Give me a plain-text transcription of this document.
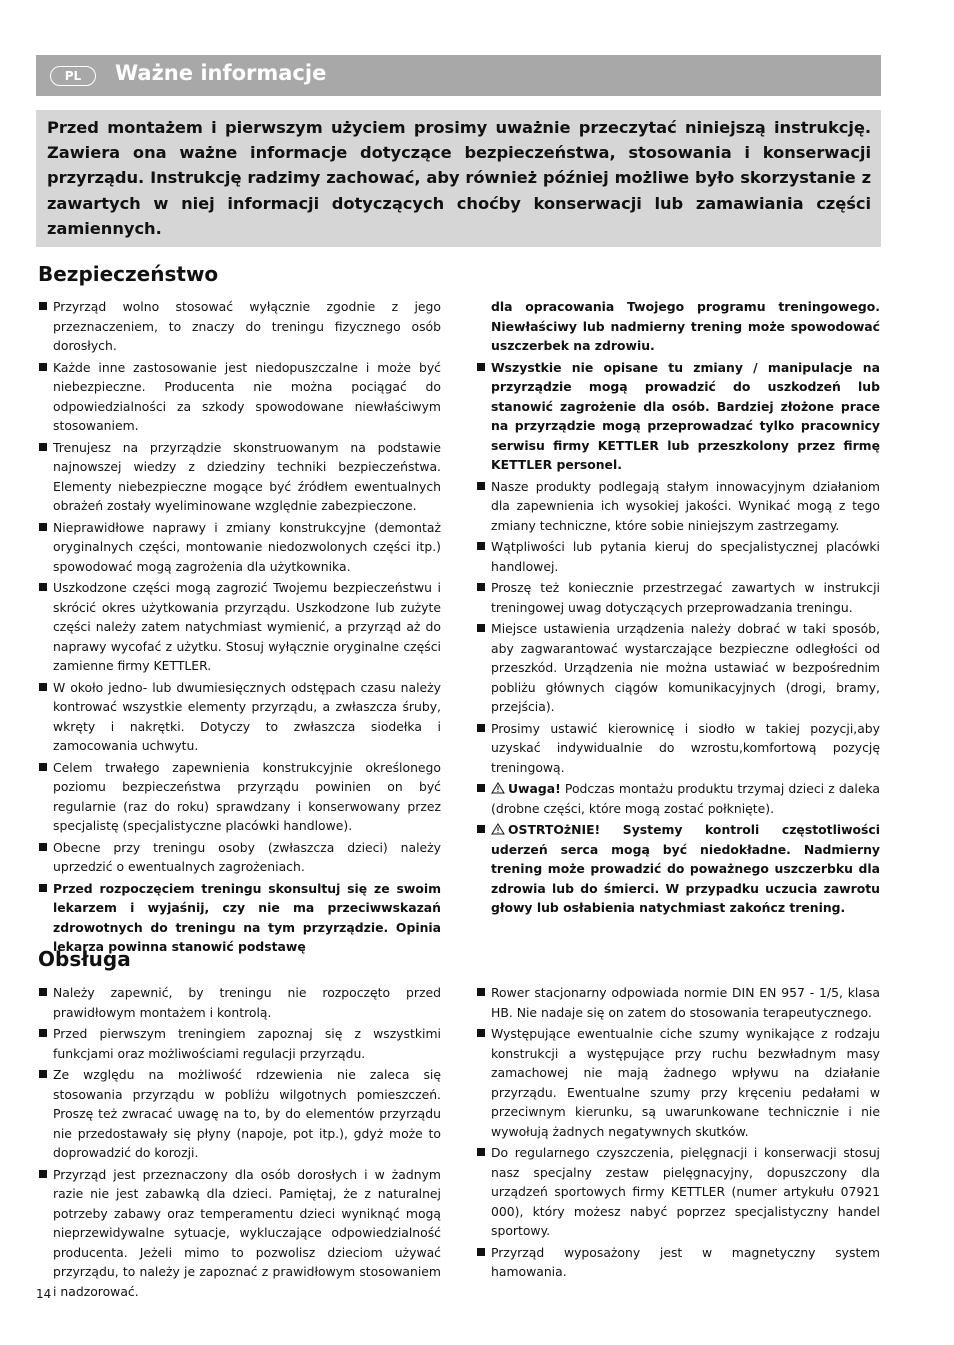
PL	Ważne informacje

Przed montażem i pierwszym użyciem prosimy uważnie przeczytać niniejszą instrukcję. Zawiera ona ważne informacje dotyczące bezpieczeństwa, stosowania i konserwacji przyrządu. Instrukcję radzimy zachować, aby również później możliwe było skorzystanie z zawartych w niej informacji dotyczących choćby konserwacji lub zamawiania części zamiennych.

Bezpieczeństwo
Przyrząd wolno stosować wyłącznie zgodnie z jego przeznaczeniem, to znaczy do treningu fizycznego osób dorosłych.
Każde inne zastosowanie jest niedopuszczalne i może być niebezpieczne. Producenta nie można pociągać do odpowiedzialności za szkody spowodowane niewłaściwym stosowaniem.
Trenujesz na przyrządzie skonstruowanym na podstawie najnowszej wiedzy z dziedziny techniki bezpieczeństwa. Elementy niebezpieczne mogące być źródłem ewentualnych obrażeń zostały wyeliminowane względnie zabezpieczone.
Nieprawidłowe naprawy i zmiany konstrukcyjne (demontaż oryginalnych części, montowanie niedozwolonych części itp.) spowodować mogą zagrożenia dla użytkownika.
Uszkodzone części mogą zagrozić Twojemu bezpieczeństwu i skrócić okres użytkowania przyrządu. Uszkodzone lub zużyte części należy zatem natychmiast wymienić, a przyrząd aż do naprawy wycofać z użytku. Stosuj wyłącznie oryginalne części zamienne firmy KETTLER.
W około jedno- lub dwumiesięcznych odstępach czasu należy kontrować wszystkie elementy przyrządu, a zwłaszcza śruby, wkręty i nakrętki. Dotyczy to zwłaszcza siodełka i zamocowania uchwytu.
Celem trwałego zapewnienia konstrukcyjnie określonego poziomu bezpieczeństwa przyrządu powinien on być regularnie (raz do roku) sprawdzany i konserwowany przez specjalistę (specjalistyczne placówki handlowe).
Obecne przy treningu osoby (zwłaszcza dzieci) należy uprzedzić o ewentualnych zagrożeniach.
Przed rozpoczęciem treningu skonsultuj się ze swoim lekarzem i wyjaśnij, czy nie ma przeciwwskazań zdrowotnych do treningu na tym przyrządzie. Opinia lekarza powinna stanowić podstawę
dla opracowania Twojego programu treningowego. Niewłaściwy lub nadmierny trening może spowodować uszczerbek na zdrowiu.
Wszystkie nie opisane tu zmiany / manipulacje na przyrządzie mogą prowadzić do uszkodzeń lub stanowić zagrożenie dla osób. Bardziej złożone prace na przyrządzie mogą przeprowadzać tylko pracownicy serwisu firmy KETTLER lub przeszkolony przez firmę KETTLER personel.
Nasze produkty podlegają stałym innowacyjnym działaniom dla zapewnienia ich wysokiej jakości. Wynikać mogą z tego zmiany techniczne, które sobie niniejszym zastrzegamy.
Wątpliwości lub pytania kieruj do specjalistycznej placówki handlowej.
Proszę też koniecznie przestrzegać zawartych w instrukcji treningowej uwag dotyczących przeprowadzania treningu.
Miejsce ustawienia urządzenia należy dobrać w taki sposób, aby zagwarantować wystarczające bezpieczne odległości od przeszkód. Urządzenia nie można ustawiać w bezpośrednim pobliżu głównych ciągów komunikacyjnych (drogi, bramy, przejścia).
Prosimy ustawić kierownicę i siodło w takiej pozycji,aby uzyskać indywidualnie do wzrostu,komfortową pozycję treningową.
Uwaga! Podczas montażu produktu trzymaj dzieci z daleka (drobne części, które mogą zostać połknięte).
OSTRTOżNIE! Systemy kontroli częstotliwości uderzeń serca mogą być niedokładne. Nadmierny trening może prowadzić do poważnego uszczerbku dla zdrowia lub do śmierci. W przypadku uczucia zawrotu głowy lub osłabienia natychmiast zakończ trening.
Obsługa
Należy zapewnić, by treningu nie rozpoczęto przed prawidłowym montażem i kontrolą.
Przed pierwszym treningiem zapoznaj się z wszystkimi funkcjami oraz możliwościami regulacji przyrządu.
Ze względu na możliwość rdzewienia nie zaleca się stosowania przyrządu w pobliżu wilgotnych pomieszczeń. Proszę też zwracać uwagę na to, by do elementów przyrządu nie przedostawały się płyny (napoje, pot itp.), gdyż może to doprowadzić do korozji.
Przyrząd jest przeznaczony dla osób dorosłych i w żadnym razie nie jest zabawką dla dzieci. Pamiętaj, że z naturalnej potrzeby zabawy oraz temperamentu dzieci wyniknąć mogą nieprzewidywalne sytuacje, wykluczające odpowiedzialność producenta. Jeżeli mimo to pozwolisz dzieciom używać przyrządu, to należy je zapoznać z prawidłowym stosowaniem i nadzorować.
Rower stacjonarny odpowiada normie DIN EN 957 - 1/5, klasa HB. Nie nadaje się on zatem do stosowania terapeutycznego.
Występujące ewentualnie ciche szumy wynikające z rodzaju konstrukcji a występujące przy ruchu bezwładnym masy zamachowej nie mają żadnego wpływu na działanie przyrządu. Ewentualne szumy przy kręceniu pedałami w przeciwnym kierunku, są uwarunkowane technicznie i nie wywołują żadnych negatywnych skutków.
Do regularnego czyszczenia, pielęgnacji i konserwacji stosuj nasz specjalny zestaw pielęgnacyjny, dopuszczony dla urządzeń sportowych firmy KETTLER (numer artykułu 07921 000), który możesz nabyć poprzez specjalistyczny handel sportowy.
Przyrząd wyposażony jest w magnetyczny system hamowania.
14
